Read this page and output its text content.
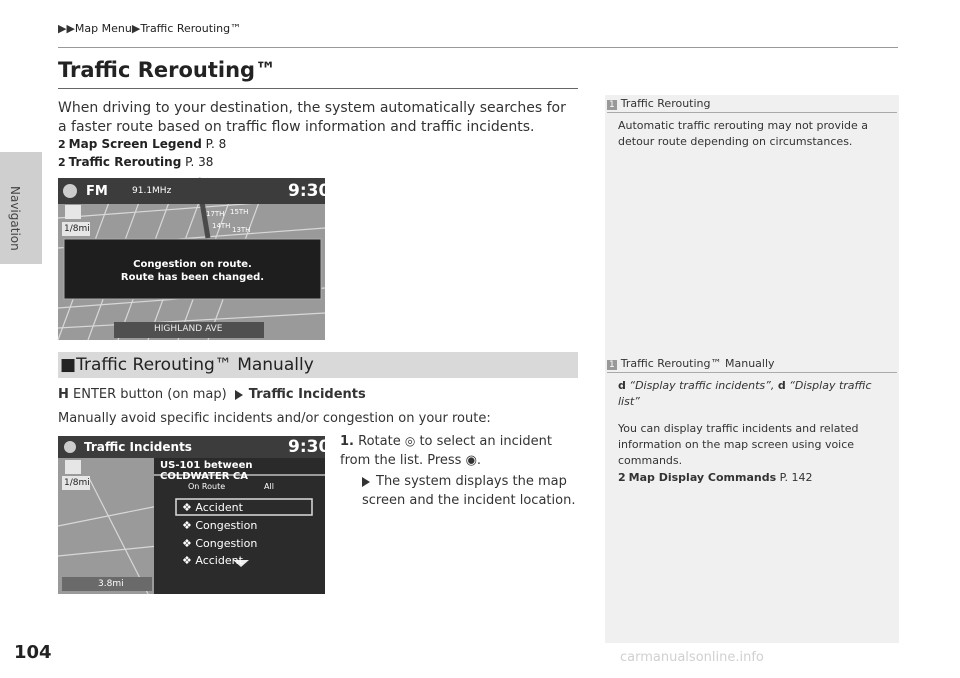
Navigation
▶▶Map Menu▶Traffic Rerouting™
Traffic Rerouting™
When driving to your destination, the system automatically searches for a faster route based on traffic flow information and traffic incidents.
2 Map Screen Legend P. 8
2 Traffic Rerouting P. 38
FM	91.1MHz	9:30
1/8mi
17TH 15TH
14TH 13TH
Congestion on route.
Route has been changed.
HIGHLAND AVE
■Traffic Rerouting™ Manually
H ENTER button (on map) Traffic Incidents
Manually avoid specific incidents and/or congestion on your route:
1. Rotate ◎ to select an incident from the list. Press ◉.
The system displays the map screen and the incident location.
Traffic Incidents	9:30
US-101 between COLDWATER CA
1/8mi	On Route	All
❖ Accident
❖ Congestion
❖ Congestion
❖ Accident
3.8mi
1 Traffic Rerouting
Automatic traffic rerouting may not provide a detour route depending on circumstances.
1 Traffic Rerouting™ Manually
d “Display traffic incidents”, d “Display traffic list”
You can display traffic incidents and related information on the map screen using voice commands.
2 Map Display Commands P. 142
104	carmanualsonline.info
